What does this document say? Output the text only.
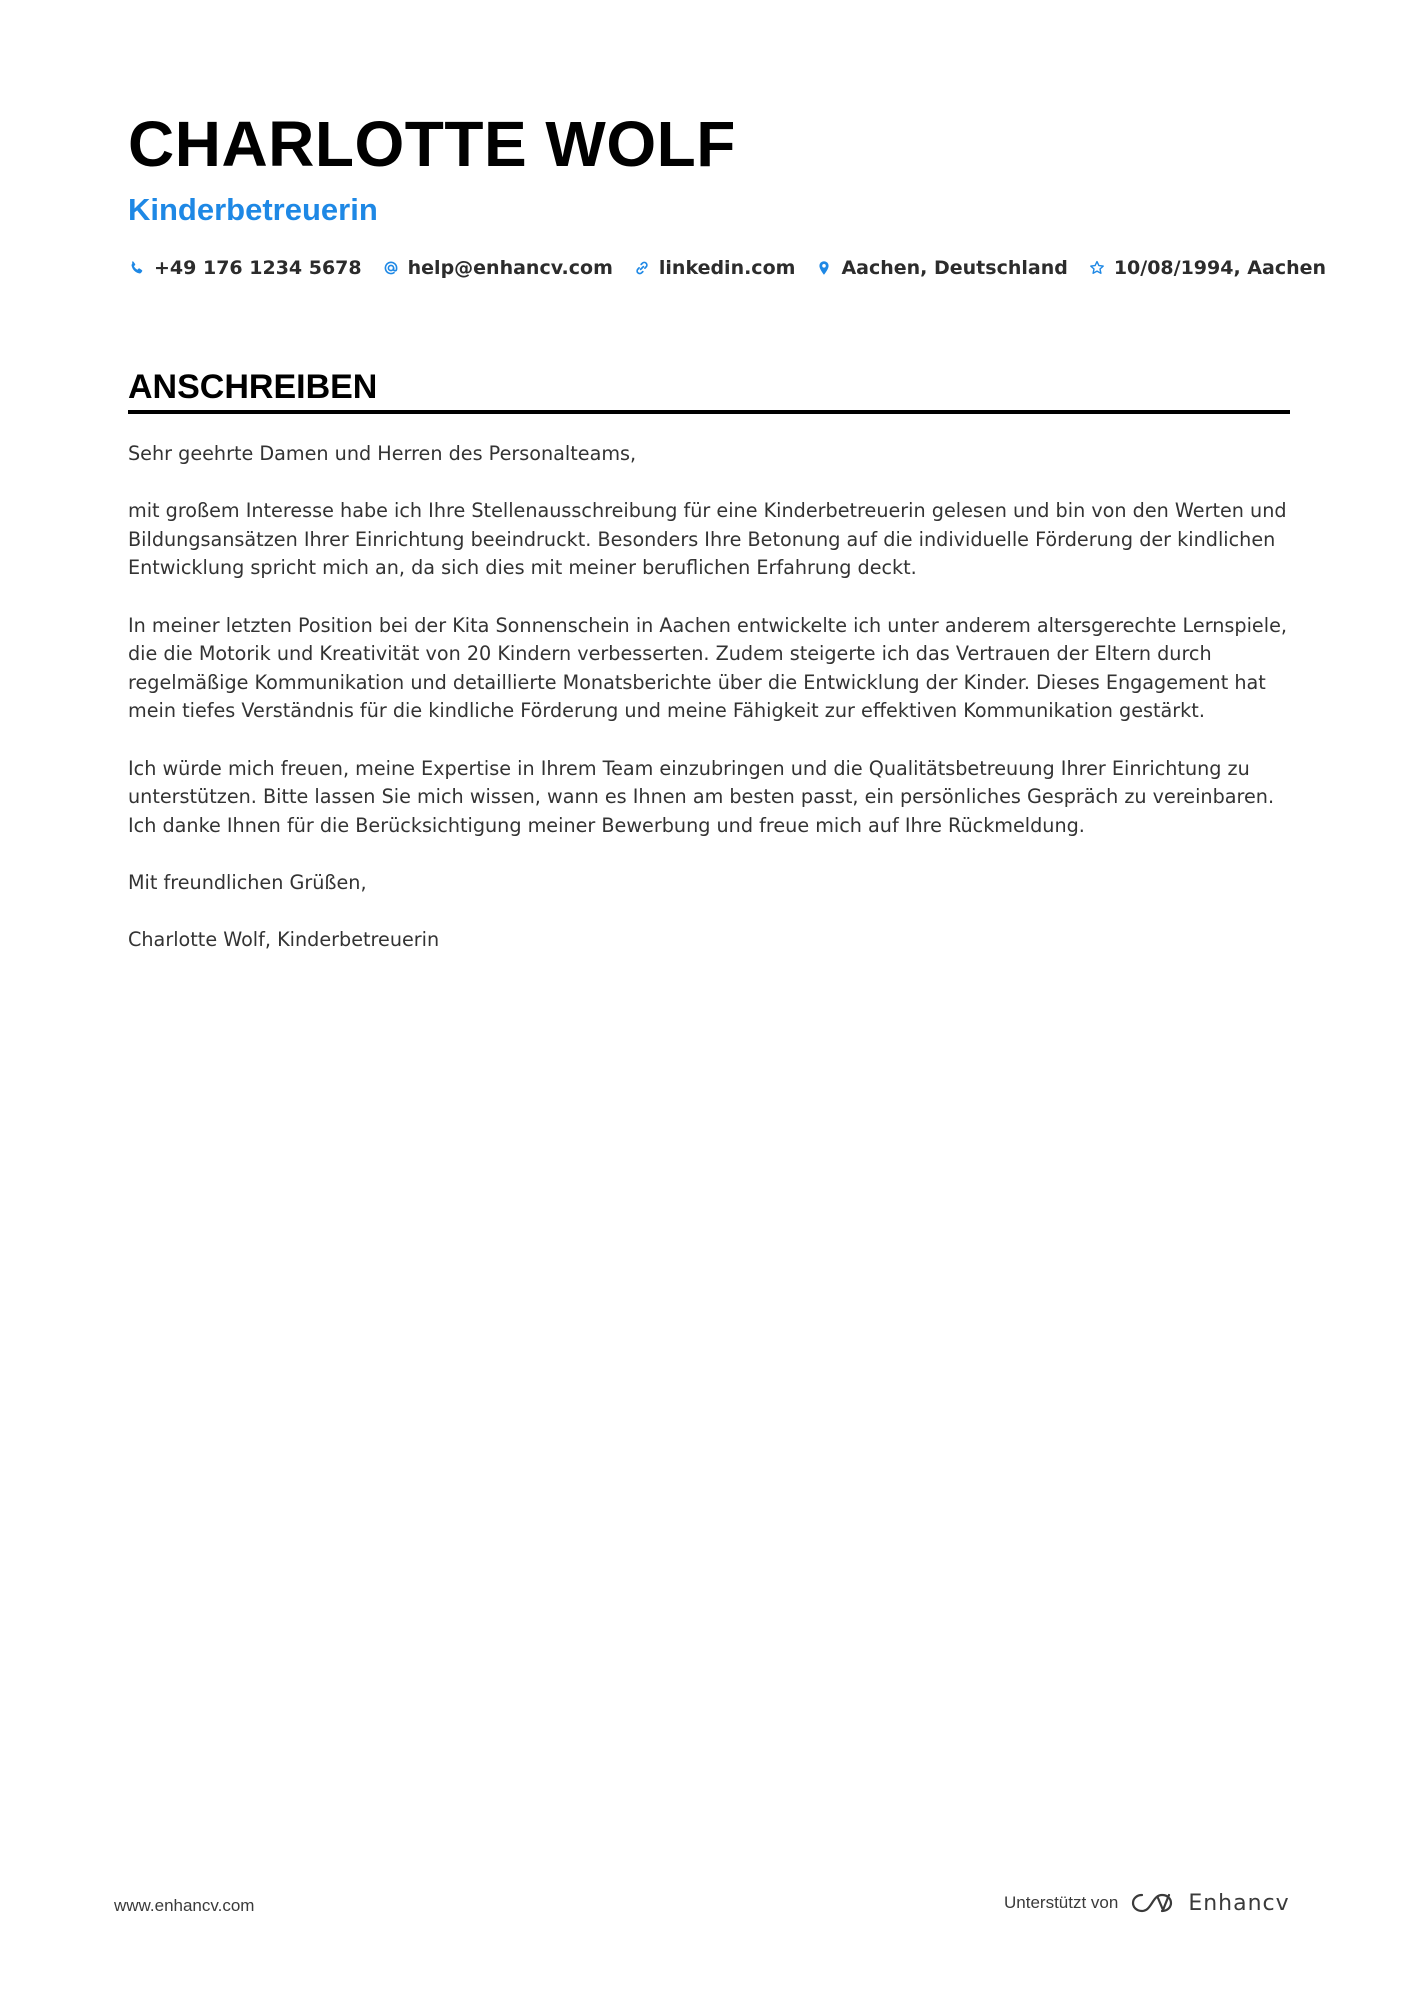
CHARLOTTE WOLF
Kinderbetreuerin
+49 176 1234 5678 help@enhancv.com linkedin.com Aachen, Deutschland 10/08/1994, Aachen
ANSCHREIBEN

Sehr geehrte Damen und Herren des Personalteams,

mit großem Interesse habe ich Ihre Stellenausschreibung für eine Kinderbetreuerin gelesen und bin von den Werten und Bildungsansätzen Ihrer Einrichtung beeindruckt. Besonders Ihre Betonung auf die individuelle Förderung der kindlichen Entwicklung spricht mich an, da sich dies mit meiner beruflichen Erfahrung deckt.

In meiner letzten Position bei der Kita Sonnenschein in Aachen entwickelte ich unter anderem altersgerechte Lernspiele, die die Motorik und Kreativität von 20 Kindern verbesserten. Zudem steigerte ich das Vertrauen der Eltern durch regelmäßige Kommunikation und detaillierte Monatsberichte über die Entwicklung der Kinder. Dieses Engagement hat mein tiefes Verständnis für die kindliche Förderung und meine Fähigkeit zur effektiven Kommunikation gestärkt.

Ich würde mich freuen, meine Expertise in Ihrem Team einzubringen und die Qualitätsbetreuung Ihrer Einrichtung zu unterstützen. Bitte lassen Sie mich wissen, wann es Ihnen am besten passt, ein persönliches Gespräch zu vereinbaren. Ich danke Ihnen für die Berücksichtigung meiner Bewerbung und freue mich auf Ihre Rückmeldung.

Mit freundlichen Grüßen,

Charlotte Wolf, Kinderbetreuerin

www.enhancv.com	Unterstützt von	Enhancv
